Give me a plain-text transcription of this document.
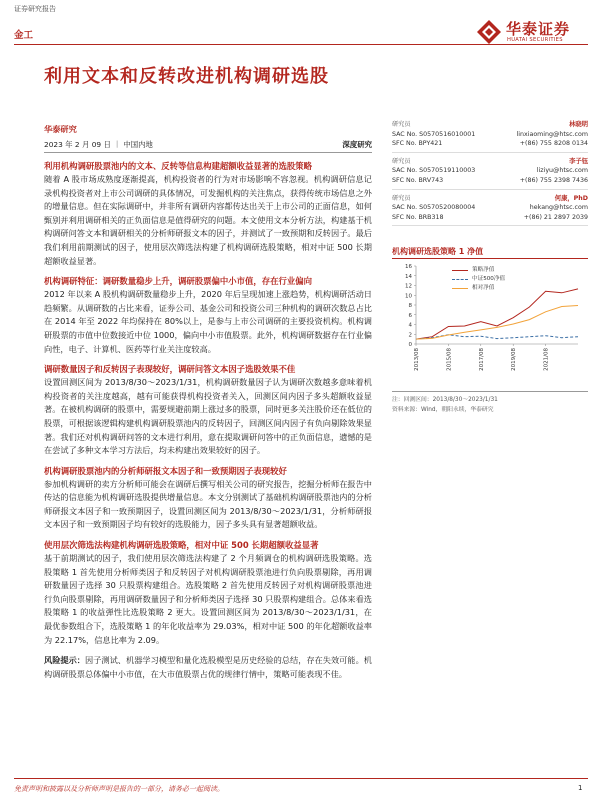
证券研究报告
金工	华泰证券
HUATAI SECURITIES
利用文本和反转改进机构调研选股
华泰研究
2023 年 2 月 09 日 | 中国内地	深度研究
利用机构调研股票池内的文本、反转等信息构建超额收益显著的选股策略
随着 A 股市场成熟度逐渐提高，机构投资者的行为对市场影响不容忽视。机构调研信息记录机构投资者对上市公司调研的具体情况，可发掘机构的关注焦点，获得传统市场信息之外的增量信息。但在实际调研中，并非所有调研内容都传达出关于上市公司的正面信息，如何甄别并利用调研相关的正负面信息是值得研究的问题。本文使用文本分析方法，构建基于机构调研问答文本和调研相关的分析师研报文本的因子，并测试了一致预期和反转因子。最后我们利用前期测试的因子，使用层次筛选法构建了机构调研选股策略，相对中证 500 长期超额收益显著。
机构调研特征：调研数量稳步上升，调研股票偏中小市值，存在行业偏向
2012 年以来 A 股机构调研数量稳步上升，2020 年后呈现加速上涨趋势，机构调研活动日趋频繁。从调研数的占比来看，证券公司、基金公司和投资公司三种机构的调研次数总占比在 2014 年至 2022 年均保持在 80%以上，是参与上市公司调研的主要投资机构。机构调研股票的市值中位数接近中位 1000，偏向中小市值股票。此外，机构调研数据存在行业偏向性，电子、计算机、医药等行业关注度较高。
调研数量因子和反转因子表现较好，调研问答文本因子选股效果不佳
设置回测区间为 2013/8/30～2023/1/31，机构调研数量因子认为调研次数越多意味着机构投资者的关注度越高，越有可能获得机构投资者关入，回测区间内因子多头超额收益显著。在被机构调研的股票中，需要规避前期上涨过多的股票，同时更多关注股价还在低位的股票，可根据该逻辑构建机构调研股票池内的反转因子，回测区间内因子有负向剔除效果显著。我们还对机构调研问答的文本进行利用，意在提取调研问答中的正负面信息，遗憾的是在尝试了多种文本学习方法后，均未构建出效果较好的因子。
机构调研股票池内的分析师研报文本因子和一致预期因子表现较好
参加机构调研的卖方分析师可能会在调研后撰写相关公司的研究报告，挖掘分析师在报告中传达的信息能为机构调研选股提供增量信息。本文分别测试了基础机构调研股票池内的分析师研报文本因子和一致预期因子，设置回测区间为 2013/8/30～2023/1/31，分析师研报文本因子和一致预期因子均有较好的选股能力，因子多头具有显著超额收益。
使用层次筛选法构建机构调研选股策略，相对中证 500 长期超额收益显著
基于前期测试的因子，我们使用层次筛选法构建了 2 个月频调仓的机构调研选股策略。选股策略 1 首先使用分析师类因子和反转因子对机构调研股票池进行负向股票剔除，再用调研数量因子选择 30 只股票构建组合。选股策略 2 首先使用反转因子对机构调研股票池进行负向股票剔除，再用调研数量因子和分析师类因子选择 30 只股票构建组合。总体来看选股策略 1 的收益弹性比选股策略 2 更大。设置回测区间为 2013/8/30～2023/1/31，在最优参数组合下，选股策略 1 的年化收益率为 29.03%，相对中证 500 的年化超额收益率为 22.17%，信息比率为 2.09。
风险提示：因子测试、机器学习模型和量化选股模型是历史经验的总结，存在失效可能。机构调研股票总体偏中小市值，在大市值股票占优的规律行情中，策略可能表现不佳。
研究员	林晓明
SAC No. S0570516010001	linxiaoming@htsc.com
SFC No. BPY421	+(86) 755 8208 0134
研究员	李子钰
SAC No. S0570519110003	liziyu@htsc.com
SFC No. BRV743	+(86) 755 2398 7436
研究员	何康，PhD
SAC No. S0570520080004	hekang@htsc.com
SFC No. BRB318	+(86) 21 2897 2039
机构调研选股策略 1 净值
0
2
4
6
8
10
12
14
16
2013/08	2015/08	2017/08	2019/08	2021/08
策略净值
中证500净值
相对净值
注：回测区间：2013/8/30～2023/1/31
资料来源：Wind，朝阳永续，华泰研究
免责声明和披露以及分析师声明是报告的一部分，请务必一起阅读。	1
